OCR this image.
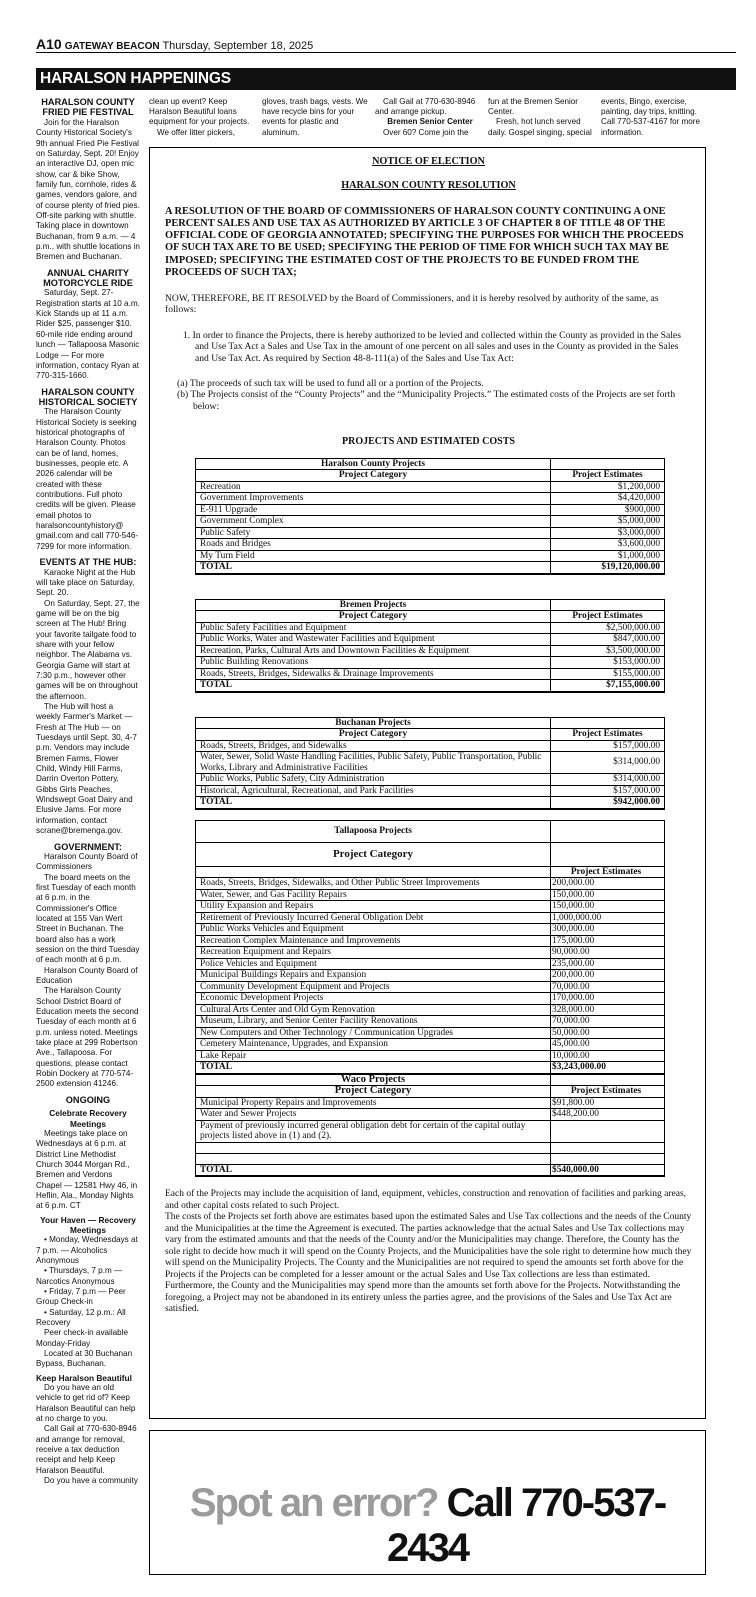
A10 GATEWAY BEACON Thursday, September 18, 2025
HARALSON HAPPENINGS
HARALSON COUNTY FRIED PIE FESTIVAL

Join for the Haralson County Historical Society's 9th annual Fried Pie Festival on Saturday, Sept. 20! Enjoy an interactive DJ, open mic show, car & bike Show, family fun, cornhole, rides & games, vendors galore, and of course plenty of fried pies. Off-site parking with shuttle. Taking place in downtown Buchanan, from 9 a.m. — 4 p.m., with shuttle locations in Bremen and Buchanan.

ANNUAL CHARITY MOTORCYCLE RIDE

Saturday, Sept. 27- Registration starts at 10 a.m. Kick Stands up at 11 a.m. Rider $25, passenger $10. 60-mile ride ending around lunch — Tallapoosa Masonic Lodge — For more information, contacy Ryan at 770-315-1660.

HARALSON COUNTY HISTORICAL SOCIETY

The Haralson County Historical Society is seeking historical photographs of Haralson County. Photos can be of land, homes, businesses, people etc. A 2026 calendar will be created with these contributions. Full photo credits will be given. Please email photos to haralsoncountyhistory@ gmail.com and call 770-546-7299 for more information.

EVENTS AT THE HUB:

Karaoke Night at the Hub will take place on Saturday, Sept. 20.

On Saturday, Sept. 27, the game will be on the big screen at The Hub! Bring your favorite tailgate food to share with your fellow neighbor. The Alabama vs. Georgia Game will start at 7:30 p.m., however other games will be on throughout the afternoon.

The Hub will host a weekly Farmer's Market — Fresh at The Hub — on Tuesdays until Sept. 30, 4-7 p.m. Vendors may include Bremen Farms, Flower Child, Windy Hill Farms, Darrin Overton Pottery, Gibbs Girls Peaches, Windswept Goat Dairy and Elusive Jams. For more information, contact scrane@bremenga.gov.

GOVERNMENT:

Haralson County Board of Commissioners

The board meets on the first Tuesday of each month at 6 p.m. in the Commissioner's Office located at 155 Van Wert Street in Buchanan. The board also has a work session on the third Tuesday of each month at 6 p.m.

Haralson County Board of Education

The Haralson County School District Board of Education meets the second Tuesday of each month at 6 p.m. unless noted. Meetings take place at 299 Robertson Ave., Tallapoosa. For questions, please contact Robin Dockery at 770-574-2500 extension 41246.

ONGOING
Celebrate Recovery Meetings

Meetings take place on Wednesdays at 6 p.m. at District Line Methodist Church 3044 Morgan Rd., Bremen and Verdons Chapel — 12581 Hwy 46, in Heflin, Ala., Monday Nights at 6 p.m. CT

Your Haven — Recovery Meetings

• Monday, Wednesdays at 7 p.m. — Alcoholics Anonymous

• Thursdays, 7 p.m — Narcotics Anonymous

• Friday, 7 p.m — Peer Group Check-in

• Saturday, 12 p.m.: All Recovery

Peer check-in available Monday-Friday

Located at 30 Buchanan Bypass, Buchanan.

Keep Haralson Beautiful

Do you have an old vehicle to get rid of? Keep Haralson Beautiful can help at no charge to you.

Call Gail at 770-630-8946 and arrange for removal, receive a tax deduction receipt and help Keep Haralson Beautiful.

Do you have a community

clean up event? Keep Haralson Beautiful loans equipment for your projects.

We offer litter pickers,

gloves, trash bags, vests. We have recycle bins for your events for plastic and aluminum.

Call Gail at 770-630-8946 and arrange pickup.

Bremen Senior Center

Over 60? Come join the

fun at the Bremen Senior Center.

Fresh, hot lunch served daily. Gospel singing, special

events, Bingo, exercise, painting, day trips, knitting. Call 770-537-4167 for more information.

NOTICE OF ELECTION
HARALSON COUNTY RESOLUTION
A RESOLUTION OF THE BOARD OF COMMISSIONERS OF HARALSON COUNTY CONTINUING A ONE PERCENT SALES AND USE TAX AS AUTHORIZED BY ARTICLE 3 OF CHAPTER 8 OF TITLE 48 OF THE OFFICIAL CODE OF GEORGIA ANNOTATED; SPECIFYING THE PURPOSES FOR WHICH THE PROCEEDS OF SUCH TAX ARE TO BE USED; SPECIFYING THE PERIOD OF TIME FOR WHICH SUCH TAX MAY BE IMPOSED; SPECIFYING THE ESTIMATED COST OF THE PROJECTS TO BE FUNDED FROM THE PROCEEDS OF SUCH TAX;
NOW, THEREFORE, BE IT RESOLVED by the Board of Commissioners, and it is hereby resolved by authority of the same, as follows:
1. In order to finance the Projects, there is hereby authorized to be levied and collected within the County as provided in the Sales and Use Tax Act a Sales and Use Tax in the amount of one percent on all sales and uses in the County as provided in the Sales and Use Tax Act. As required by Section 48-8-111(a) of the Sales and Use Tax Act:
(a) The proceeds of such tax will be used to fund all or a portion of the Projects.
(b) The Projects consist of the “County Projects” and the “Municipality Projects.” The estimated costs of the Projects are set forth below:
PROJECTS AND ESTIMATED COSTS
Haralson County Projects	
Project Category	Project Estimates
Recreation	$1,200,000
Government Improvements	$4,420,000
E-911 Upgrade	$900,000
Government Complex	$5,000,000
Public Safety	$3,000,000
Roads and Bridges	$3,600,000
My Turn Field	$1,000,000
TOTAL	$19,120,000.00
Bremen Projects	
Project Category	Project Estimates
Public Safety Facilities and Equipment	$2,500,000.00
Public Works, Water and Wastewater Facilities and Equipment	$847,000.00
Recreation, Parks, Cultural Arts and Downtown Facilities & Equipment	$3,500,000.00
Public Building Renovations	$153,000.00
Roads, Streets, Bridges, Sidewalks & Drainage Improvements	$155,000.00
TOTAL	$7,155,000.00
Buchanan Projects	
Project Category	Project Estimates
Roads, Streets, Bridges, and Sidewalks	$157,000.00
Water, Sewer, Solid Waste Handling Facilities, Public Safety, Public Transportation, Public Works, Library and Administrative Facilities	$314,000.00
Public Works, Public Safety, City Administration	$314,000.00
Historical, Agricultural, Recreational, and Park Facilities	$157,000.00
TOTAL	$942,000.00
Tallapoosa Projects	
Project Category	
	Project Estimates
Roads, Streets, Bridges, Sidewalks, and Other Public Street Improvements	200,000.00
Water, Sewer, and Gas Facility Repairs	150,000.00
Utility Expansion and Repairs	150,000.00
Retirement of Previously Incurred General Obligation Debt	1,000,000.00
Public Works Vehicles and Equipment	300,000.00
Recreation Complex Maintenance and Improvements	175,000.00
Recreation Equipment and Repairs	90,000.00
Police Vehicles and Equipment	235,000.00
Municipal Buildings Repairs and Expansion	200,000.00
Community Development Equipment and Projects	70,000.00
Economic Development Projects	170,000.00
Cultural Arts Center and Old Gym Renovation	328,000.00
Museum, Library, and Senior Center Facility Renovations	70,000.00
New Computers and Other Technology / Communication Upgrades	50,000.00
Cemetery Maintenance, Upgrades, and Expansion	45,000.00
Lake Repair	10,000.00
TOTAL	$3,243,000.00
Waco Projects	
Project Category	Project Estimates
Municipal Property Repairs and Improvements	$91,800.00
Water and Sewer Projects	$448,200.00
Payment of previously incurred general obligation debt for certain of the capital outlay projects listed above in (1) and (2).	

TOTAL	$540,000.00
Each of the Projects may include the acquisition of land, equipment, vehicles, construction and renovation of facilities and parking areas, and other capital costs related to such Project.
The costs of the Projects set forth above are estimates based upon the estimated Sales and Use Tax collections and the needs of the County and the Municipalities at the time the Agreement is executed. The parties acknowledge that the actual Sales and Use Tax collections may vary from the estimated amounts and that the needs of the County and/or the Municipalities may change. Therefore, the County has the sole right to decide how much it will spend on the County Projects, and the Municipalities have the sole right to determine how much they will spend on the Municipality Projects. The County and the Municipalities are not required to spend the amounts set forth above for the Projects if the Projects can be completed for a lesser amount or the actual Sales and Use Tax collections are less than estimated. Furthermore, the County and the Municipalities may spend more than the amounts set forth above for the Projects. Notwithstanding the foregoing, a Project may not be abandoned in its entirety unless the parties agree, and the provisions of the Sales and Use Tax Act are satisfied.
Spot an error? Call 770-537-2434
